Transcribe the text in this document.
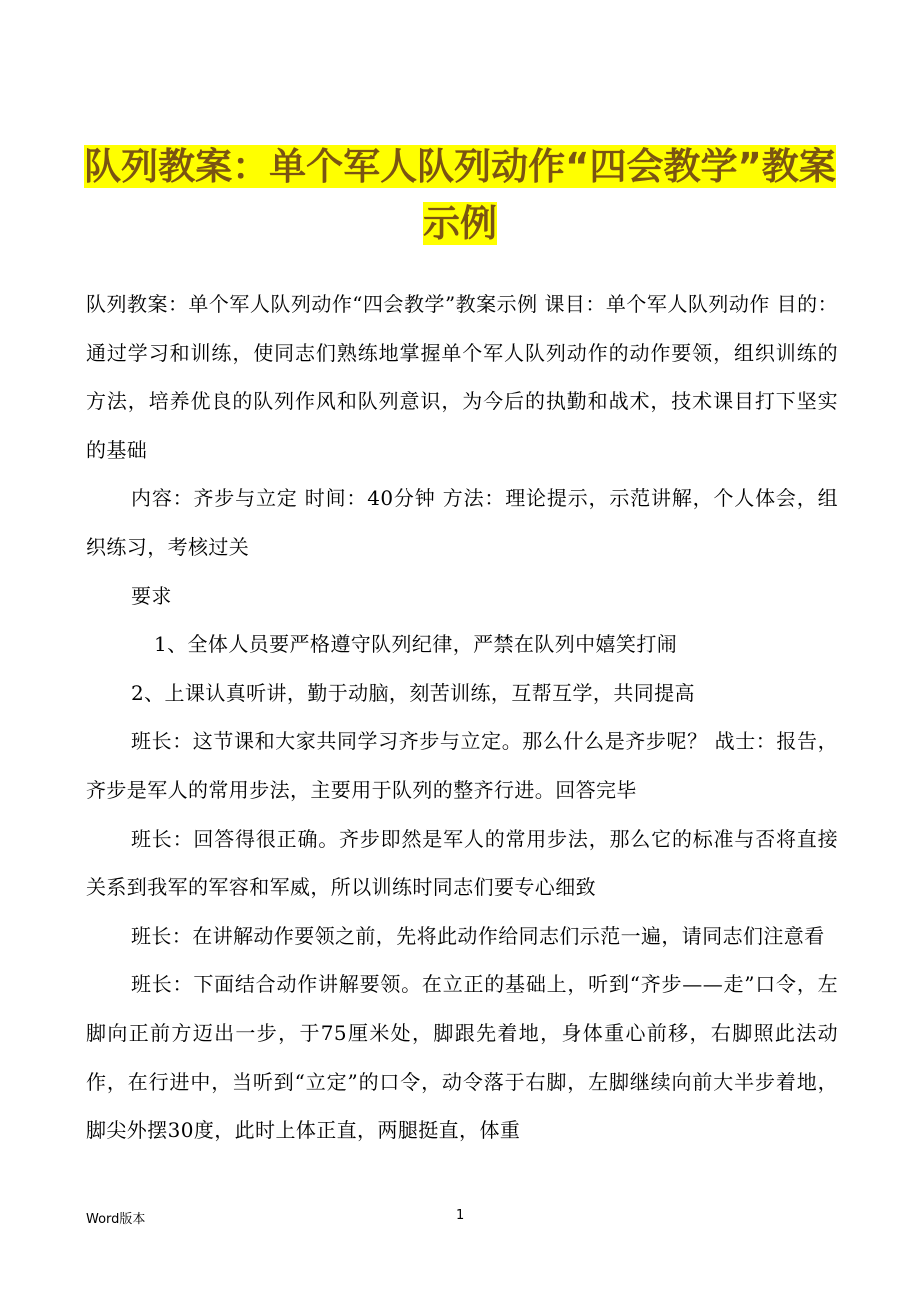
队列教案：单个军人队列动作“四会教学”教案
示例

队列教案：单个军人队列动作“四会教学”教案示例 课目：单个军人队列动作 目的：通过学习和训练，使同志们熟练地掌握单个军人队列动作的动作要领，组织训练的方法，培养优良的队列作风和队列意识，为今后的执勤和战术，技术课目打下坚实的基础

内容：齐步与立定 时间：40分钟 方法：理论提示，示范讲解，个人体会，组织练习，考核过关

要求

1、全体人员要严格遵守队列纪律，严禁在队列中嬉笑打闹

2、上课认真听讲，勤于动脑，刻苦训练，互帮互学，共同提高

班长：这节课和大家共同学习齐步与立定。那么什么是齐步呢？ 战士：报告，齐步是军人的常用步法，主要用于队列的整齐行进。回答完毕

班长：回答得很正确。齐步即然是军人的常用步法，那么它的标准与否将直接关系到我军的军容和军威，所以训练时同志们要专心细致

班长：在讲解动作要领之前，先将此动作给同志们示范一遍，请同志们注意看

班长：下面结合动作讲解要领。在立正的基础上，听到“齐步——走”口令，左脚向正前方迈出一步，于75厘米处，脚跟先着地，身体重心前移，右脚照此法动作，在行进中，当听到“立定”的口令，动令落于右脚，左脚继续向前大半步着地，脚尖外摆30度，此时上体正直，两腿挺直，体重

Word版本	1
